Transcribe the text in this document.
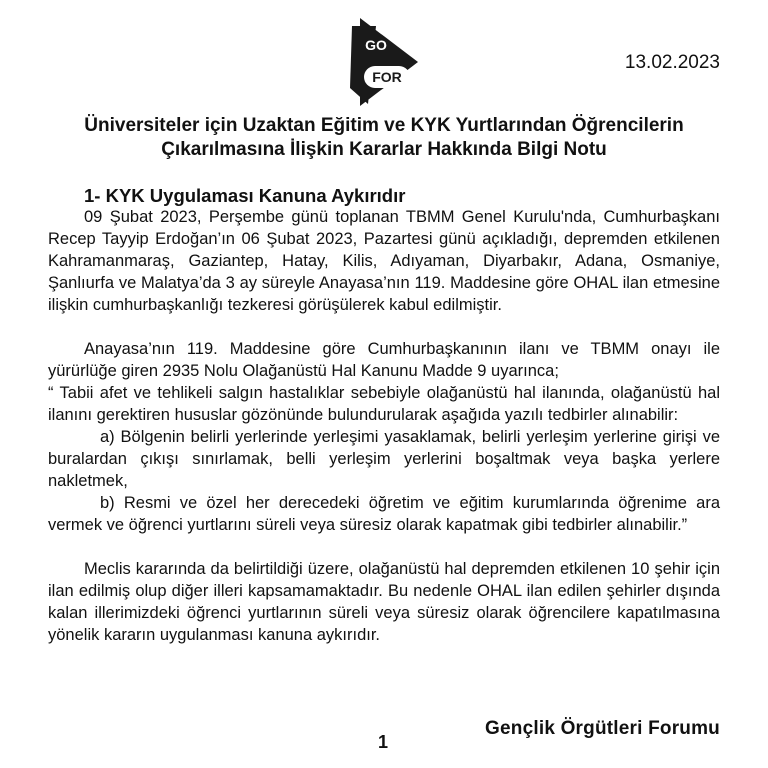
GO
FOR
13.02.2023
Üniversiteler için Uzaktan Eğitim ve KYK Yurtlarından Öğrencilerin
Çıkarılmasına İlişkin Kararlar Hakkında Bilgi Notu
1- KYK Uygulaması Kanuna Aykırıdır

09 Şubat 2023, Perşembe günü toplanan TBMM Genel Kurulu'nda, Cumhurbaşkanı Recep Tayyip Erdoğan’ın 06 Şubat 2023, Pazartesi günü açıkladığı, depremden etkilenen Kahramanmaraş, Gaziantep, Hatay, Kilis, Adıyaman, Diyarbakır, Adana, Osmaniye, Şanlıurfa ve Malatya’da 3 ay süreyle Anayasa’nın 119. Maddesine göre OHAL ilan etmesine ilişkin cumhurbaşkanlığı tezkeresi görüşülerek kabul edilmiştir.

Anayasa’nın 119. Maddesine göre Cumhurbaşkanının ilanı ve TBMM onayı ile yürürlüğe giren 2935 Nolu Olağanüstü Hal Kanunu Madde 9 uyarınca;

“ Tabii afet ve tehlikeli salgın hastalıklar sebebiyle olağanüstü hal ilanında, olağanüstü hal ilanını gerektiren hususlar gözönünde bulundurularak aşağıda yazılı tedbirler alınabilir:

a) Bölgenin belirli yerlerinde yerleşimi yasaklamak, belirli yerleşim yerlerine girişi ve buralardan çıkışı sınırlamak, belli yerleşim yerlerini boşaltmak veya başka yerlere nakletmek,

b) Resmi ve özel her derecedeki öğretim ve eğitim kurumlarında öğrenime ara vermek ve öğrenci yurtlarını süreli veya süresiz olarak kapatmak gibi tedbirler alınabilir.”

Meclis kararında da belirtildiği üzere, olağanüstü hal depremden etkilenen 10 şehir için ilan edilmiş olup diğer illeri kapsamamaktadır. Bu nedenle OHAL ilan edilen şehirler dışında kalan illerimizdeki öğrenci yurtlarının süreli veya süresiz olarak öğrencilere kapatılmasına yönelik kararın uygulanması kanuna aykırıdır.

1
Gençlik Örgütleri Forumu
